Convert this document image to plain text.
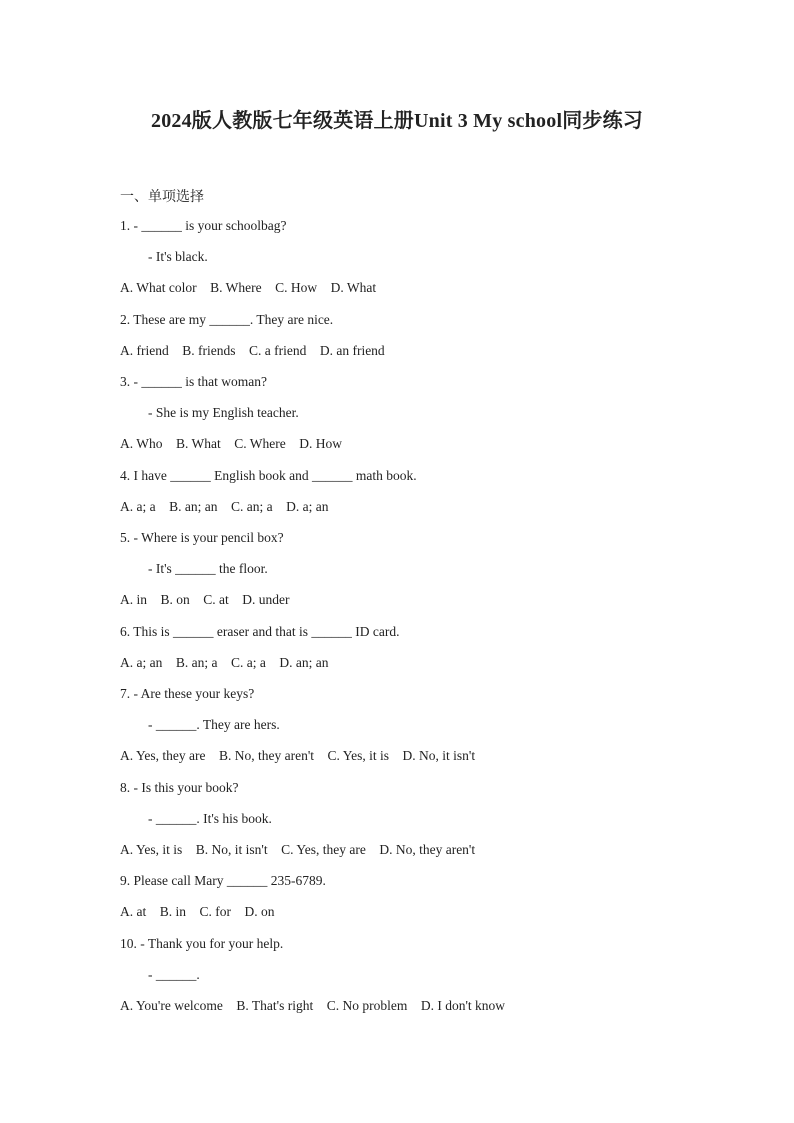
2024版人教版七年级英语上册Unit 3 My school同步练习
一、单项选择
1. - ______ is your schoolbag?
- It's black.
A. What color    B. Where    C. How    D. What
2. These are my ______. They are nice.
A. friend    B. friends    C. a friend    D. an friend
3. - ______ is that woman?
- She is my English teacher.
A. Who    B. What    C. Where    D. How
4. I have ______ English book and ______ math book.
A. a; a    B. an; an    C. an; a    D. a; an
5. - Where is your pencil box?
- It's ______ the floor.
A. in    B. on    C. at    D. under
6. This is ______ eraser and that is ______ ID card.
A. a; an    B. an; a    C. a; a    D. an; an
7. - Are these your keys?
- ______. They are hers.
A. Yes, they are    B. No, they aren't    C. Yes, it is    D. No, it isn't
8. - Is this your book?
- ______. It's his book.
A. Yes, it is    B. No, it isn't    C. Yes, they are    D. No, they aren't
9. Please call Mary ______ 235-6789.
A. at    B. in    C. for    D. on
10. - Thank you for your help.
- ______.
A. You're welcome    B. That's right    C. No problem    D. I don't know
